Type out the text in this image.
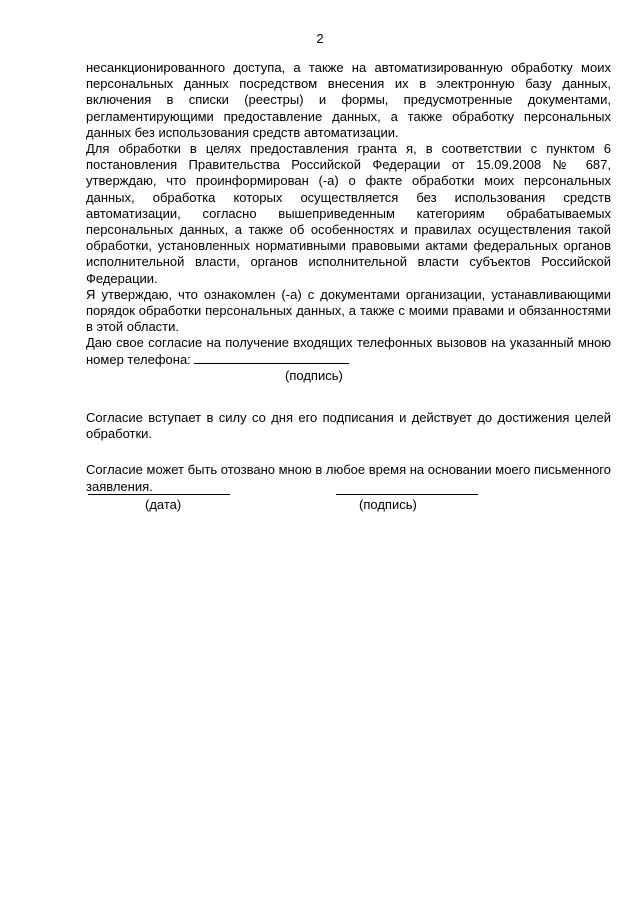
2

несанкционированного доступа, а также на автоматизированную обработку моих персональных данных посредством внесения их в электронную базу данных, включения в списки (реестры) и формы, предусмотренные документами, регламентирующими предоставление данных, а также обработку персональных данных без использования средств автоматизации.

Для обработки в целях предоставления гранта я, в соответствии с пунктом 6 постановления Правительства Российской Федерации от 15.09.2008 № 687, утверждаю, что проинформирован (-а) о факте обработки моих персональных данных, обработка которых осуществляется без использования средств автоматизации, согласно вышеприведенным категориям обрабатываемых персональных данных, а также об особенностях и правилах осуществления такой обработки, установленных нормативными правовыми актами федеральных органов исполнительной власти, органов исполнительной власти субъектов Российской Федерации.

Я утверждаю, что ознакомлен (-а) с документами организации, устанавливающими порядок обработки персональных данных, а также с моими правами и обязанностями в этой области.

Даю свое согласие на получение входящих телефонных вызовов на указанный мною номер телефона:

(подпись)

Согласие вступает в силу со дня его подписания и действует до достижения целей обработки.

Согласие может быть отозвано мною в любое время на основании моего письменного заявления.

(дата)	(подпись)
